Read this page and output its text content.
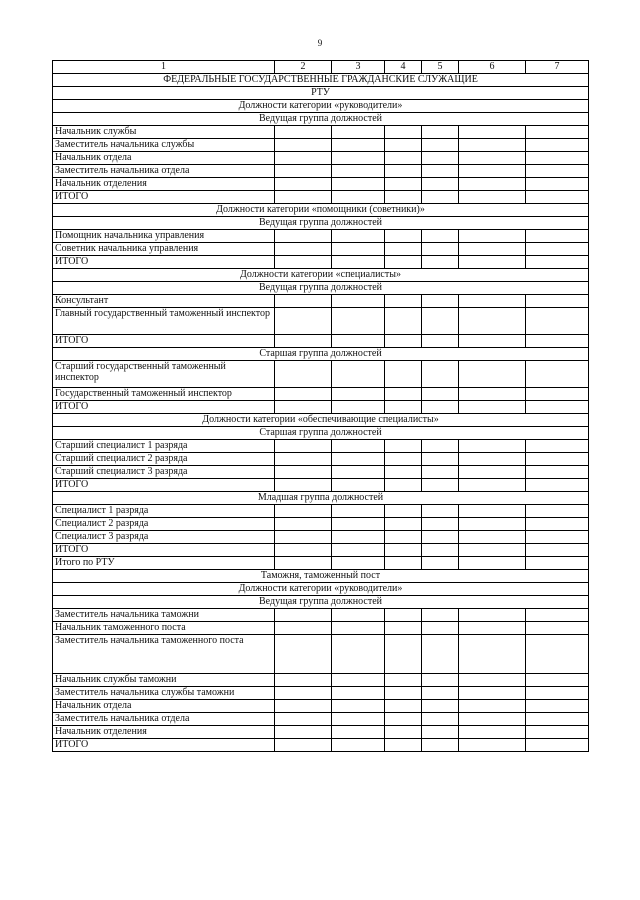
9
1	2	3	4	5	6	7
ФЕДЕРАЛЬНЫЕ ГОСУДАРСТВЕННЫЕ ГРАЖДАНСКИЕ СЛУЖАЩИЕ						
РТУ						
Должности категории «руководители»						
Ведущая группа должностей						
Начальник службы						
Заместитель начальника службы						
Начальник отдела						
Заместитель начальника отдела						
Начальник отделения						
ИТОГО						
Должности категории «помощники (советники)»						
Ведущая группа должностей						
Помощник начальника управления						
Советник начальника управления						
ИТОГО						
Должности категории «специалисты»						
Ведущая группа должностей						
Консультант						
Главный государственный таможенный инспектор						
ИТОГО						
Старшая группа должностей						
Старший государственный таможенный инспектор						
Государственный таможенный инспектор						
ИТОГО						
Должности категории «обеспечивающие специалисты»						
Старшая группа должностей						
Старший специалист 1 разряда						
Старший специалист 2 разряда						
Старший специалист 3 разряда						
ИТОГО						
Младшая группа должностей						
Специалист 1 разряда						
Специалист 2 разряда						
Специалист 3 разряда						
ИТОГО						
Итого по РТУ						
Таможня, таможенный пост						
Должности категории «руководители»						
Ведущая группа должностей						
Заместитель начальника таможни						
Начальник таможенного поста						
Заместитель начальника таможенного поста						
Начальник службы таможни						
Заместитель начальника службы таможни						
Начальник отдела						
Заместитель начальника отдела						
Начальник отделения						
ИТОГО						
